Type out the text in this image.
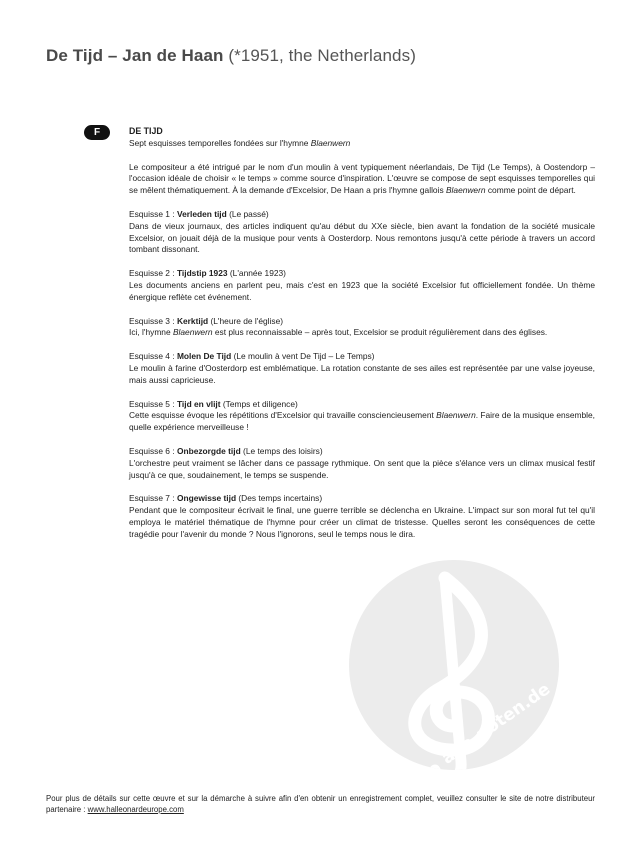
De Tijd – Jan de Haan (*1951, the Netherlands)
F	DE TIJD

Sept esquisses temporelles fondées sur l'hymne Blaenwern

Le compositeur a été intrigué par le nom d'un moulin à vent typiquement néerlandais, De Tijd (Le Temps), à Oostendorp – l'occasion idéale de choisir « le temps » comme source d'inspiration. L'œuvre se compose de sept esquisses temporelles qui se mêlent thématiquement. À la demande d'Excelsior, De Haan a pris l'hymne gallois Blaenwern comme point de départ.

Esquisse 1 : Verleden tijd (Le passé)

Dans de vieux journaux, des articles indiquent qu'au début du XXe siècle, bien avant la fondation de la société musicale Excelsior, on jouait déjà de la musique pour vents à Oosterdorp. Nous remontons jusqu'à cette période à travers un accord tombant dissonant.

Esquisse 2 : Tijdstip 1923 (L'année 1923)

Les documents anciens en parlent peu, mais c'est en 1923 que la société Excelsior fut officiellement fondée. Un thème énergique reflète cet événement.

Esquisse 3 : Kerktijd (L'heure de l'église)

Ici, l'hymne Blaenwern est plus reconnaissable – après tout, Excelsior se produit régulièrement dans des églises.

Esquisse 4 : Molen De Tijd (Le moulin à vent De Tijd – Le Temps)

Le moulin à farine d'Oosterdorp est emblématique. La rotation constante de ses ailes est représentée par une valse joyeuse, mais aussi capricieuse.

Esquisse 5 : Tijd en vlijt (Temps et diligence)

Cette esquisse évoque les répétitions d'Excelsior qui travaille consciencieusement Blaenwern. Faire de la musique ensemble, quelle expérience merveilleuse !

Esquisse 6 : Onbezorgde tijd (Le temps des loisirs)

L'orchestre peut vraiment se lâcher dans ce passage rythmique. On sent que la pièce s'élance vers un climax musical festif jusqu'à ce que, soudainement, le temps se suspende.

Esquisse 7 : Ongewisse tijd (Des temps incertains)

Pendant que le compositeur écrivait le final, une guerre terrible se déclencha en Ukraine. L'impact sur son moral fut tel qu'il employa le matériel thématique de l'hymne pour créer un climat de tristesse. Quelles seront les conséquences de cette tragédie pour l'avenir du monde ? Nous l'ignorons, seul le temps nous le dira.

alle-noten.de
Pour plus de détails sur cette œuvre et sur la démarche à suivre afin d'en obtenir un enregistrement complet, veuillez consulter le site de notre distributeur partenaire : www.halleonardeurope.com
